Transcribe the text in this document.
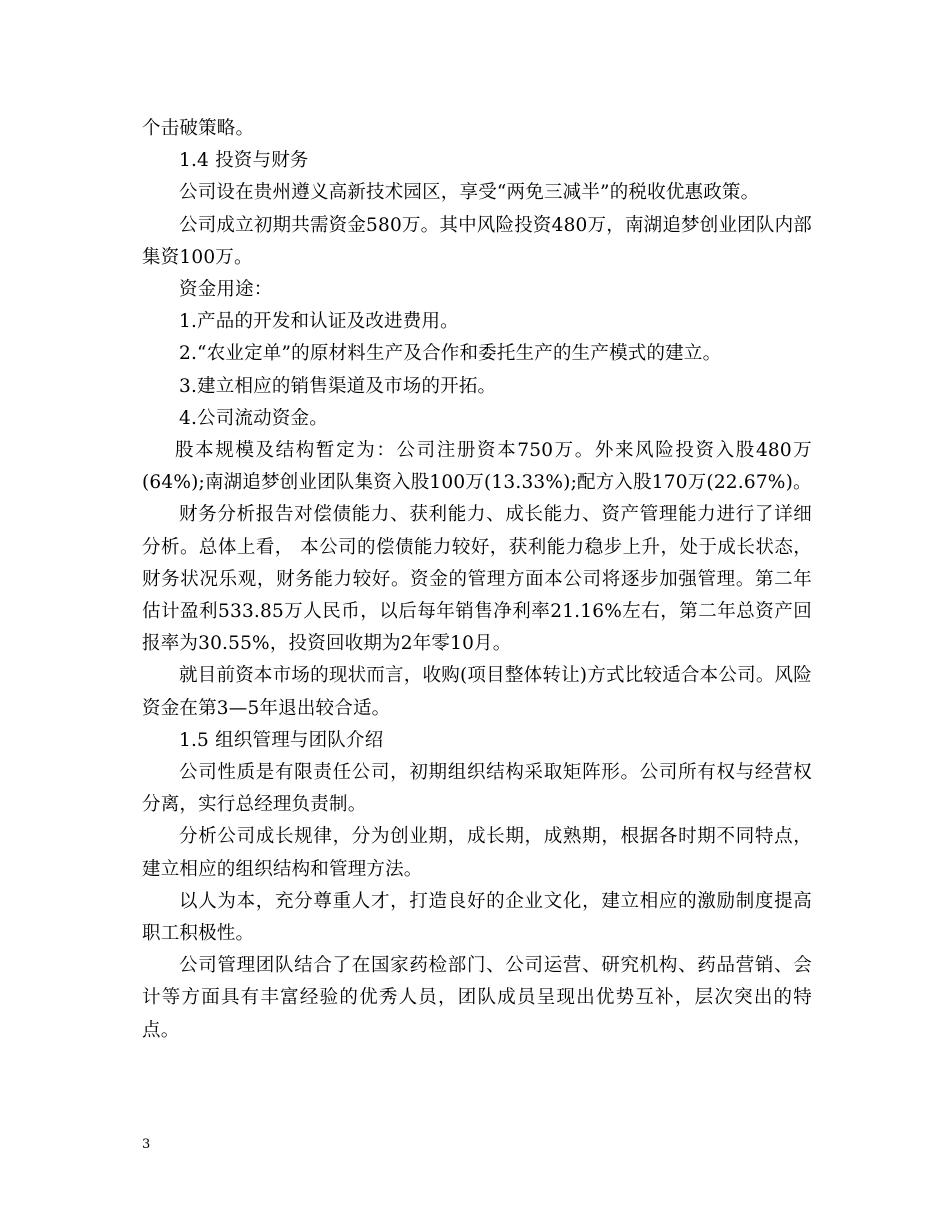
个击破策略。

1.4 投资与财务

公司设在贵州遵义高新技术园区，享受“两免三减半”的税收优惠政策。

公司成立初期共需资金580万。其中风险投资480万，南湖追梦创业团队内部集资100万。

资金用途：

1.产品的开发和认证及改进费用。

2.“农业定单”的原材料生产及合作和委托生产的生产模式的建立。

3.建立相应的销售渠道及市场的开拓。

4.公司流动资金。

股本规模及结构暂定为：公司注册资本750万。外来风险投资入股480万(64%);南湖追梦创业团队集资入股100万(13.33%);配方入股170万(22.67%)。

财务分析报告对偿债能力、获利能力、成长能力、资产管理能力进行了详细分析。总体上看， 本公司的偿债能力较好，获利能力稳步上升，处于成长状态，财务状况乐观，财务能力较好。资金的管理方面本公司将逐步加强管理。第二年估计盈利533.85万人民币，以后每年销售净利率21.16%左右，第二年总资产回报率为30.55%，投资回收期为2年零10月。

就目前资本市场的现状而言，收购(项目整体转让)方式比较适合本公司。风险资金在第3—5年退出较合适。

1.5 组织管理与团队介绍

公司性质是有限责任公司，初期组织结构采取矩阵形。公司所有权与经营权分离，实行总经理负责制。

分析公司成长规律，分为创业期，成长期，成熟期，根据各时期不同特点，建立相应的组织结构和管理方法。

以人为本，充分尊重人才，打造良好的企业文化，建立相应的激励制度提高职工积极性。

公司管理团队结合了在国家药检部门、公司运营、研究机构、药品营销、会计等方面具有丰富经验的优秀人员，团队成员呈现出优势互补，层次突出的特点。

3
